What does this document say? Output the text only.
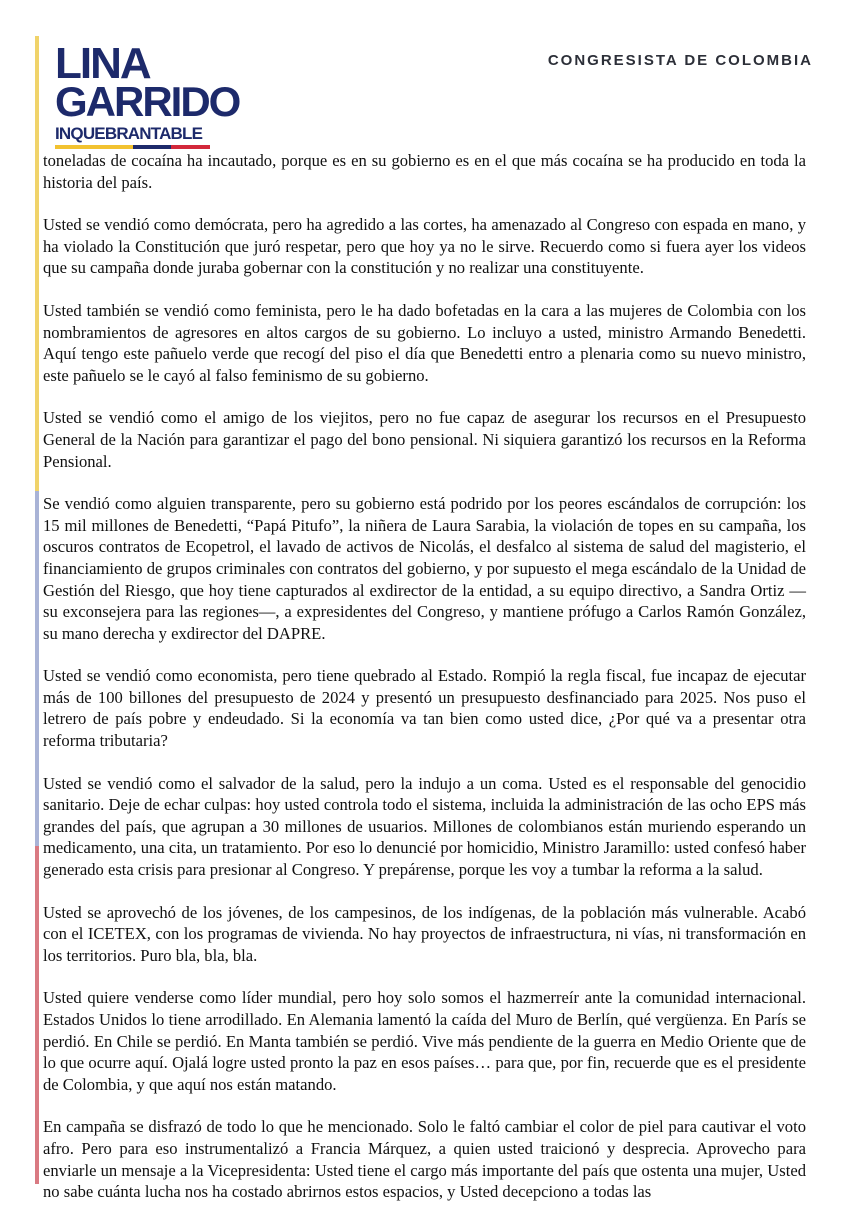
LINA
GARRIDO
INQUEBRANTABLE
CONGRESISTA DE COLOMBIA

toneladas de cocaína ha incautado, porque es en su gobierno es en el que más cocaína se ha producido en toda la historia del país.

Usted se vendió como demócrata, pero ha agredido a las cortes, ha amenazado al Congreso con espada en mano, y ha violado la Constitución que juró respetar, pero que hoy ya no le sirve. Recuerdo como si fuera ayer los videos que su campaña donde juraba gobernar con la constitución y no realizar una constituyente.

Usted también se vendió como feminista, pero le ha dado bofetadas en la cara a las mujeres de Colombia con los nombramientos de agresores en altos cargos de su gobierno. Lo incluyo a usted, ministro Armando Benedetti. Aquí tengo este pañuelo verde que recogí del piso el día que Benedetti entro a plenaria como su nuevo ministro, este pañuelo se le cayó al falso feminismo de su gobierno.

Usted se vendió como el amigo de los viejitos, pero no fue capaz de asegurar los recursos en el Presupuesto General de la Nación para garantizar el pago del bono pensional. Ni siquiera garantizó los recursos en la Reforma Pensional.

Se vendió como alguien transparente, pero su gobierno está podrido por los peores escándalos de corrupción: los 15 mil millones de Benedetti, “Papá Pitufo”, la niñera de Laura Sarabia, la violación de topes en su campaña, los oscuros contratos de Ecopetrol, el lavado de activos de Nicolás, el desfalco al sistema de salud del magisterio, el financiamiento de grupos criminales con contratos del gobierno, y por supuesto el mega escándalo de la Unidad de Gestión del Riesgo, que hoy tiene capturados al exdirector de la entidad, a su equipo directivo, a Sandra Ortiz —su exconsejera para las regiones—, a expresidentes del Congreso, y mantiene prófugo a Carlos Ramón González, su mano derecha y exdirector del DAPRE.

Usted se vendió como economista, pero tiene quebrado al Estado. Rompió la regla fiscal, fue incapaz de ejecutar más de 100 billones del presupuesto de 2024 y presentó un presupuesto desfinanciado para 2025. Nos puso el letrero de país pobre y endeudado. Si la economía va tan bien como usted dice, ¿Por qué va a presentar otra reforma tributaria?

Usted se vendió como el salvador de la salud, pero la indujo a un coma. Usted es el responsable del genocidio sanitario. Deje de echar culpas: hoy usted controla todo el sistema, incluida la administración de las ocho EPS más grandes del país, que agrupan a 30 millones de usuarios. Millones de colombianos están muriendo esperando un medicamento, una cita, un tratamiento. Por eso lo denuncié por homicidio, Ministro Jaramillo: usted confesó haber generado esta crisis para presionar al Congreso. Y prepárense, porque les voy a tumbar la reforma a la salud.

Usted se aprovechó de los jóvenes, de los campesinos, de los indígenas, de la población más vulnerable. Acabó con el ICETEX, con los programas de vivienda. No hay proyectos de infraestructura, ni vías, ni transformación en los territorios. Puro bla, bla, bla.

Usted quiere venderse como líder mundial, pero hoy solo somos el hazmerreír ante la comunidad internacional. Estados Unidos lo tiene arrodillado. En Alemania lamentó la caída del Muro de Berlín, qué vergüenza. En París se perdió. En Chile se perdió. En Manta también se perdió. Vive más pendiente de la guerra en Medio Oriente que de lo que ocurre aquí. Ojalá logre usted pronto la paz en esos países… para que, por fin, recuerde que es el presidente de Colombia, y que aquí nos están matando.

En campaña se disfrazó de todo lo que he mencionado. Solo le faltó cambiar el color de piel para cautivar el voto afro. Pero para eso instrumentalizó a Francia Márquez, a quien usted traicionó y desprecia. Aprovecho para enviarle un mensaje a la Vicepresidenta: Usted tiene el cargo más importante del país que ostenta una mujer, Usted no sabe cuánta lucha nos ha costado abrirnos estos espacios, y Usted decepciono a todas las
